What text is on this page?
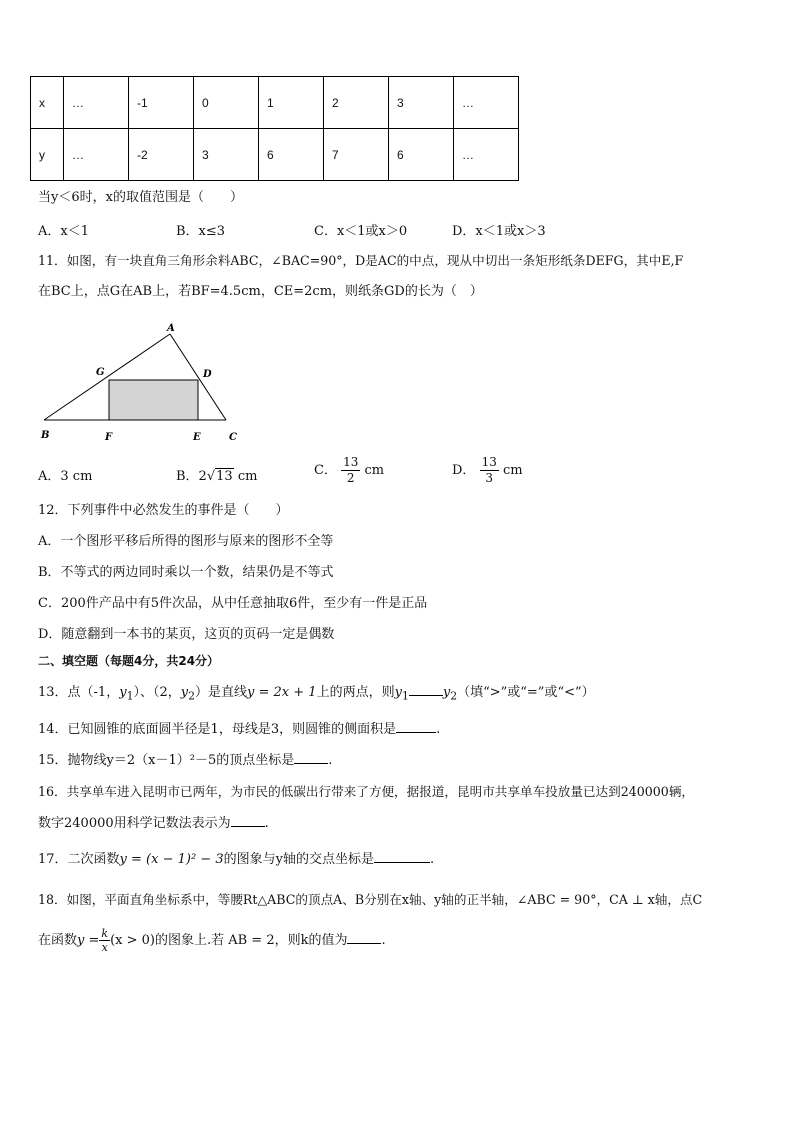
x	…	-1	0	1	2	3	…
y	…	-2	3	6	7	6	…
当y＜6时，x的取值范围是（　　）
A．x＜1	B．x≤3	C．x＜1或x＞0	D．x＜1或x＞3
11．如图，有一块直角三角形余料ABC，∠BAC=90°，D是AC的中点，现从中切出一条矩形纸条DEFG，其中E,F
在BC上，点G在AB上，若BF=4.5cm，CE=2cm，则纸条GD的长为（　）
A
G	D
B	F	E	C
A．3 cm	B．2√13 cm	C． $\frac{13}{2}$ cm	D． $\frac{13}{3}$ cm
12．下列事件中必然发生的事件是（　　）
A．一个图形平移后所得的图形与原来的图形不全等
B．不等式的两边同时乘以一个数，结果仍是不等式
C．200件产品中有5件次品，从中任意抽取6件，至少有一件是正品
D．随意翻到一本书的某页，这页的页码一定是偶数
二、填空题（每题4分，共24分）
13．点（-1，$y_1$）、（2，$y_2$）是直线y = 2x + 1上的两点，则$y_1$	$y_2$（填“>”或“=”或“<”）
14．已知圆锥的底面圆半径是1，母线是3，则圆锥的侧面积是	.
15．抛物线y＝2（x－1）²－5的顶点坐标是	.
16．共享单车进入昆明市已两年，为市民的低碳出行带来了方便，据报道，昆明市共享单车投放量已达到240000辆，
数字240000用科学记数法表示为	.
17．二次函数y = (x − 1)² − 3的图象与y轴的交点坐标是	.
18．如图，平面直角坐标系中，等腰Rt△ABC的顶点A、B分别在x轴、y轴的正半轴，∠ABC = 90°，CA ⊥ x轴，点C
在函数$y = \frac{k}{x} (x > 0)$的图象上.若 AB = 2，则k的值为	.
